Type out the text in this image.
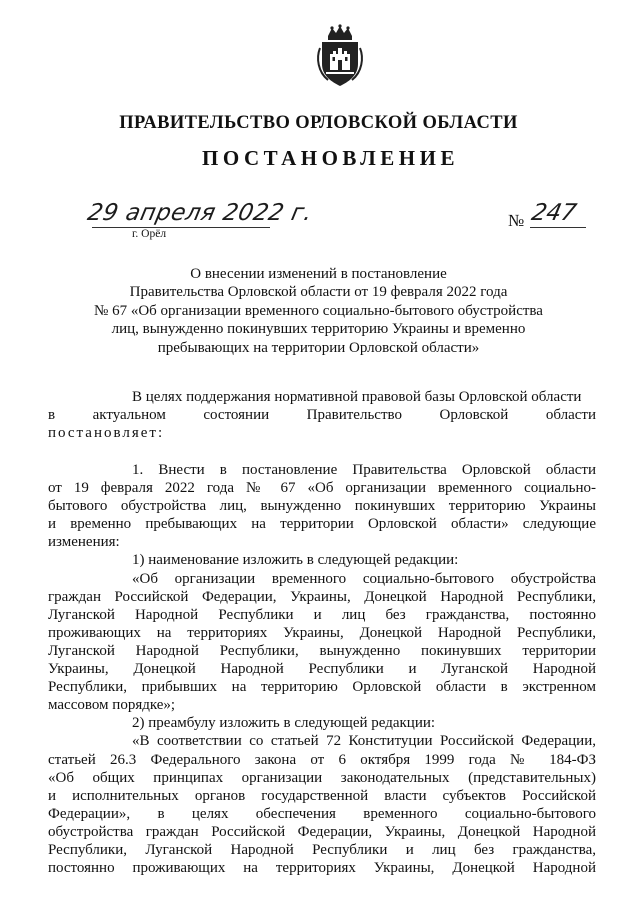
ПРАВИТЕЛЬСТВО ОРЛОВСКОЙ ОБЛАСТИ
ПОСТАНОВЛЕНИЕ
29 апреля 2022 г.
г. Орёл
№ 247
О внесении изменений в постановление
Правительства Орловской области от 19 февраля 2022 года
№ 67 «Об организации временного социально-бытового обустройства
лиц, вынужденно покинувших территорию Украины и временно
пребывающих на территории Орловской области»
В целях поддержания нормативной правовой базы Орловской области
в актуальном состоянии Правительство Орловской области
постановляет:
1. Внести в постановление Правительства Орловской области
от 19 февраля 2022 года № 67 «Об организации временного социально-
бытового обустройства лиц, вынужденно покинувших территорию Украины
и временно пребывающих на территории Орловской области» следующие
изменения:
1) наименование изложить в следующей редакции:
«Об организации временного социально-бытового обустройства
граждан Российской Федерации, Украины, Донецкой Народной Республики,
Луганской Народной Республики и лиц без гражданства, постоянно
проживающих на территориях Украины, Донецкой Народной Республики,
Луганской Народной Республики, вынужденно покинувших территории
Украины, Донецкой Народной Республики и Луганской Народной
Республики, прибывших на территорию Орловской области в экстренном
массовом порядке»;
2) преамбулу изложить в следующей редакции:
«В соответствии со статьей 72 Конституции Российской Федерации,
статьей 26.3 Федерального закона от 6 октября 1999 года № 184-ФЗ
«Об общих принципах организации законодательных (представительных)
и исполнительных органов государственной власти субъектов Российской
Федерации», в целях обеспечения временного социально-бытового
обустройства граждан Российской Федерации, Украины, Донецкой Народной
Республики, Луганской Народной Республики и лиц без гражданства,
постоянно проживающих на территориях Украины, Донецкой Народной
